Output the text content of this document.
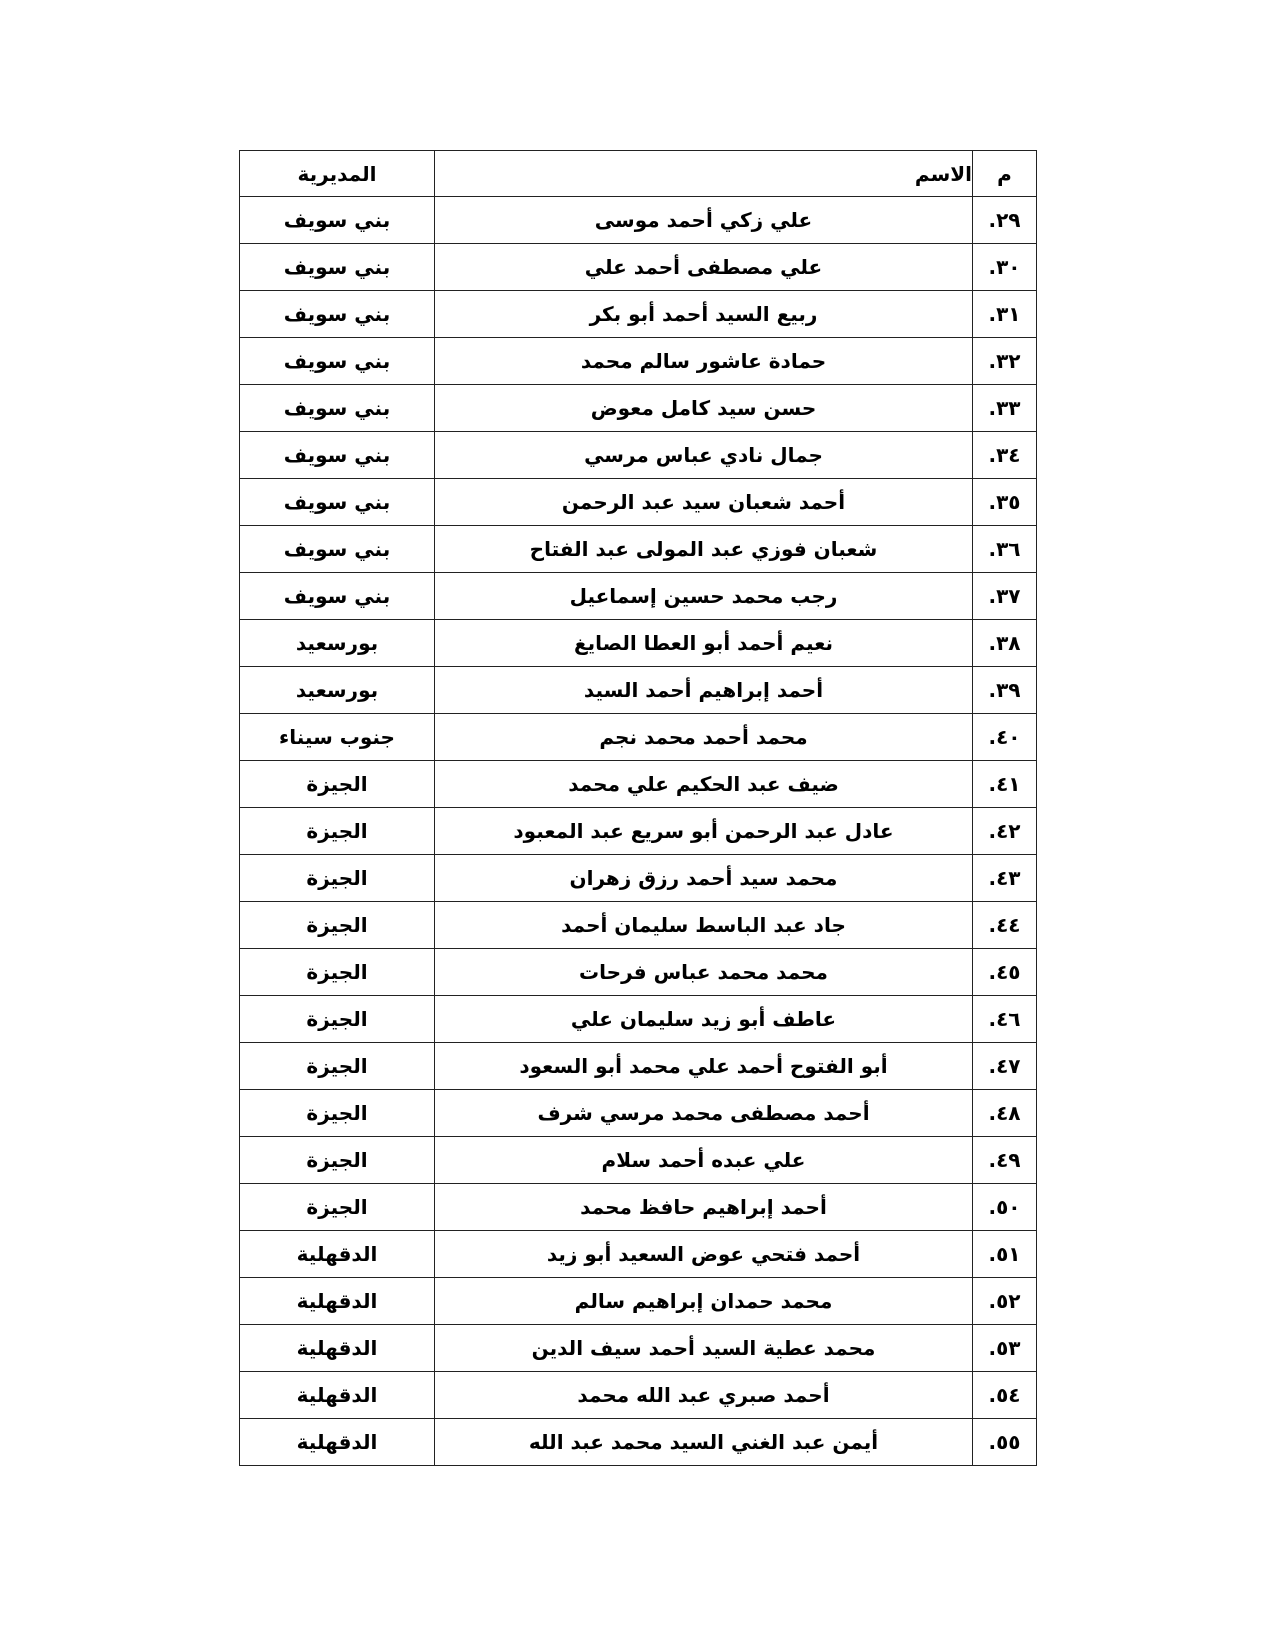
م	الاسم	المديرية
٢٩.	علي زكي أحمد موسى	بني سويف
٣٠.	علي مصطفى أحمد علي	بني سويف
٣١.	ربيع السيد أحمد أبو بكر	بني سويف
٣٢.	حمادة عاشور سالم محمد	بني سويف
٣٣.	حسن سيد كامل معوض	بني سويف
٣٤.	جمال نادي عباس مرسي	بني سويف
٣٥.	أحمد شعبان سيد عبد الرحمن	بني سويف
٣٦.	شعبان فوزي عبد المولى عبد الفتاح	بني سويف
٣٧.	رجب محمد حسين إسماعيل	بني سويف
٣٨.	نعيم أحمد أبو العطا الصايغ	بورسعيد
٣٩.	أحمد إبراهيم أحمد السيد	بورسعيد
٤٠.	محمد أحمد محمد نجم	جنوب سيناء
٤١.	ضيف عبد الحكيم علي محمد	الجيزة
٤٢.	عادل عبد الرحمن أبو سريع عبد المعبود	الجيزة
٤٣.	محمد سيد أحمد رزق زهران	الجيزة
٤٤.	جاد عبد الباسط سليمان أحمد	الجيزة
٤٥.	محمد محمد عباس فرحات	الجيزة
٤٦.	عاطف أبو زيد سليمان علي	الجيزة
٤٧.	أبو الفتوح أحمد علي محمد أبو السعود	الجيزة
٤٨.	أحمد مصطفى محمد مرسي شرف	الجيزة
٤٩.	علي عبده أحمد سلام	الجيزة
٥٠.	أحمد إبراهيم حافظ محمد	الجيزة
٥١.	أحمد فتحي عوض السعيد أبو زيد	الدقهلية
٥٢.	محمد حمدان إبراهيم سالم	الدقهلية
٥٣.	محمد عطية السيد أحمد سيف الدين	الدقهلية
٥٤.	أحمد صبري عبد الله محمد	الدقهلية
٥٥.	أيمن عبد الغني السيد محمد عبد الله	الدقهلية
